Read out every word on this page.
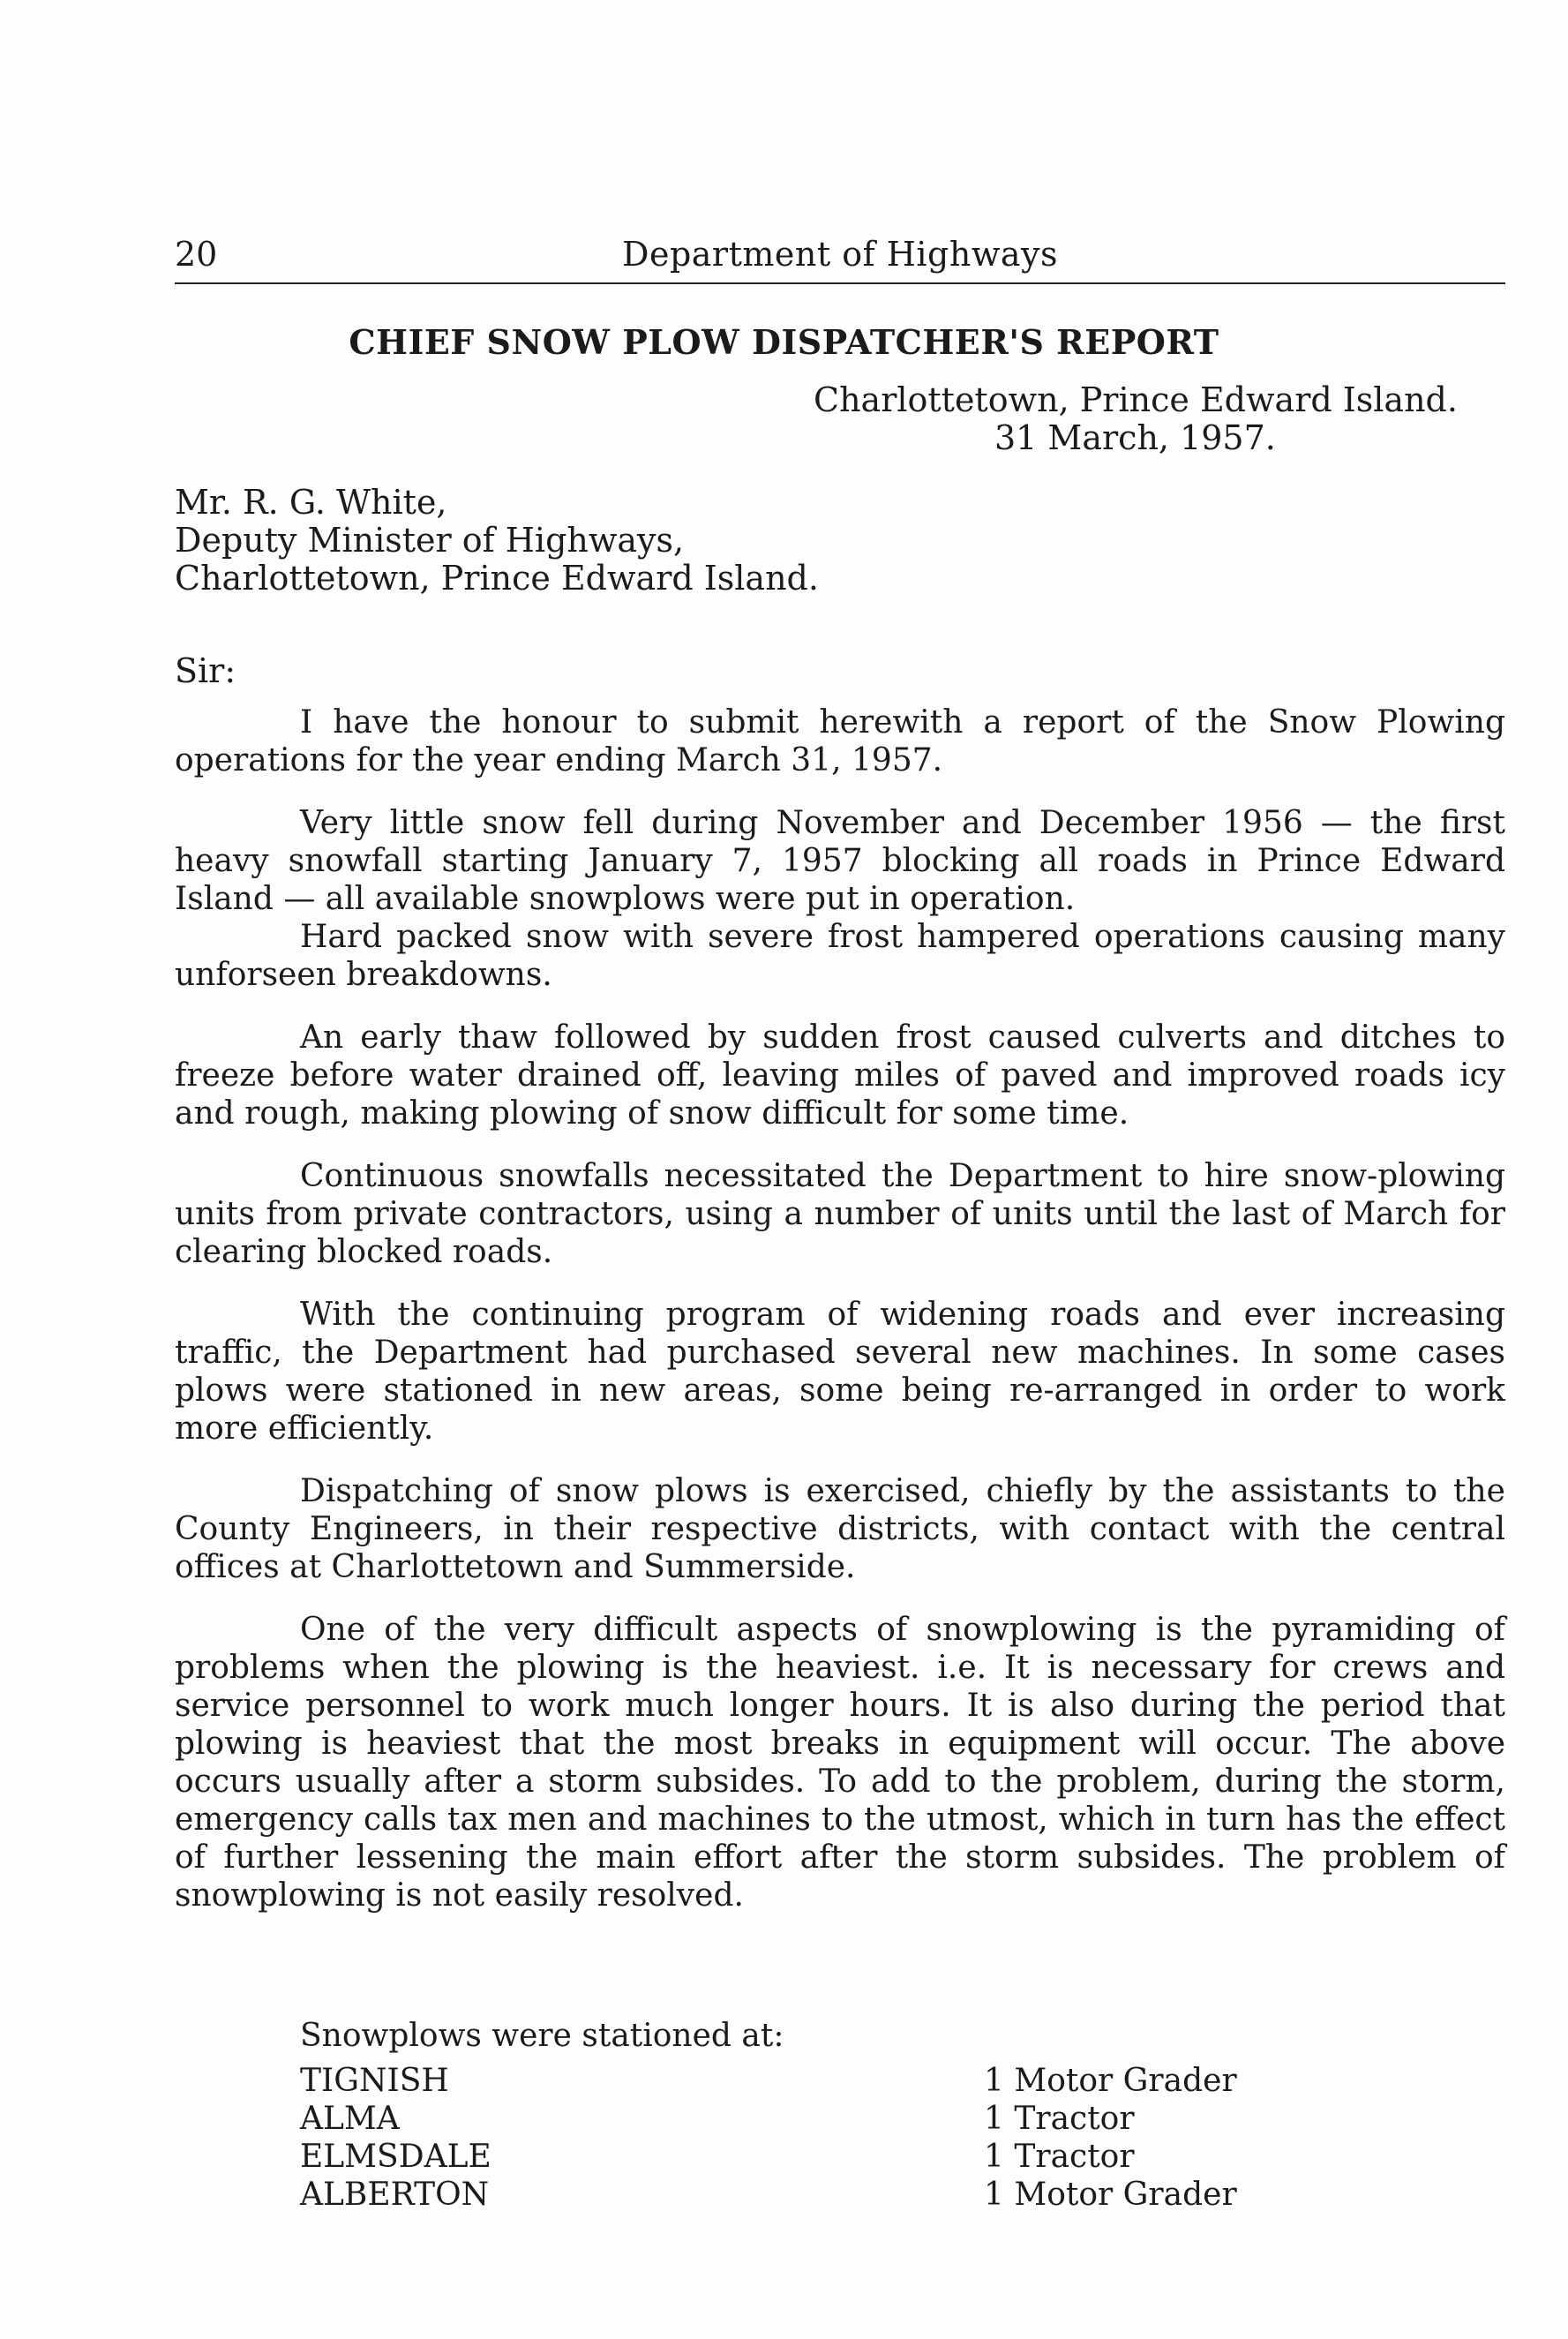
20	Department of Highways
CHIEF SNOW PLOW DISPATCHER'S REPORT
Charlottetown, Prince Edward Island.
31 March, 1957.
Mr. R. G. White,
Deputy Minister of Highways,
Charlottetown, Prince Edward Island.
Sir:

I have the honour to submit herewith a report of the Snow Plowing operations for the year ending March 31, 1957.

Very little snow fell during November and December 1956 — the first heavy snowfall starting January 7, 1957 blocking all roads in Prince Edward Island — all available snowplows were put in operation.

Hard packed snow with severe frost hampered operations causing many unforseen breakdowns.

An early thaw followed by sudden frost caused culverts and ditches to freeze before water drained off, leaving miles of paved and improved roads icy and rough, making plowing of snow difficult for some time.

Continuous snowfalls necessitated the Department to hire snow-plowing units from private contractors, using a number of units until the last of March for clearing blocked roads.

With the continuing program of widening roads and ever increasing traffic, the Department had purchased several new machines. In some cases plows were stationed in new areas, some being re-arranged in order to work more efficiently.

Dispatching of snow plows is exercised, chiefly by the assistants to the County Engineers, in their respective districts, with contact with the central offices at Charlottetown and Summerside.

One of the very difficult aspects of snowplowing is the pyramiding of problems when the plowing is the heaviest. i.e. It is necessary for crews and service personnel to work much longer hours. It is also during the period that plowing is heaviest that the most breaks in equipment will occur. The above occurs usually after a storm subsides. To add to the problem, during the storm, emergency calls tax men and machines to the utmost, which in turn has the effect of further lessening the main effort after the storm subsides. The problem of snowplowing is not easily resolved.

Snowplows were stationed at:
TIGNISH	1 Motor Grader
ALMA	1 Tractor
ELMSDALE	1 Tractor
ALBERTON	1 Motor Grader
